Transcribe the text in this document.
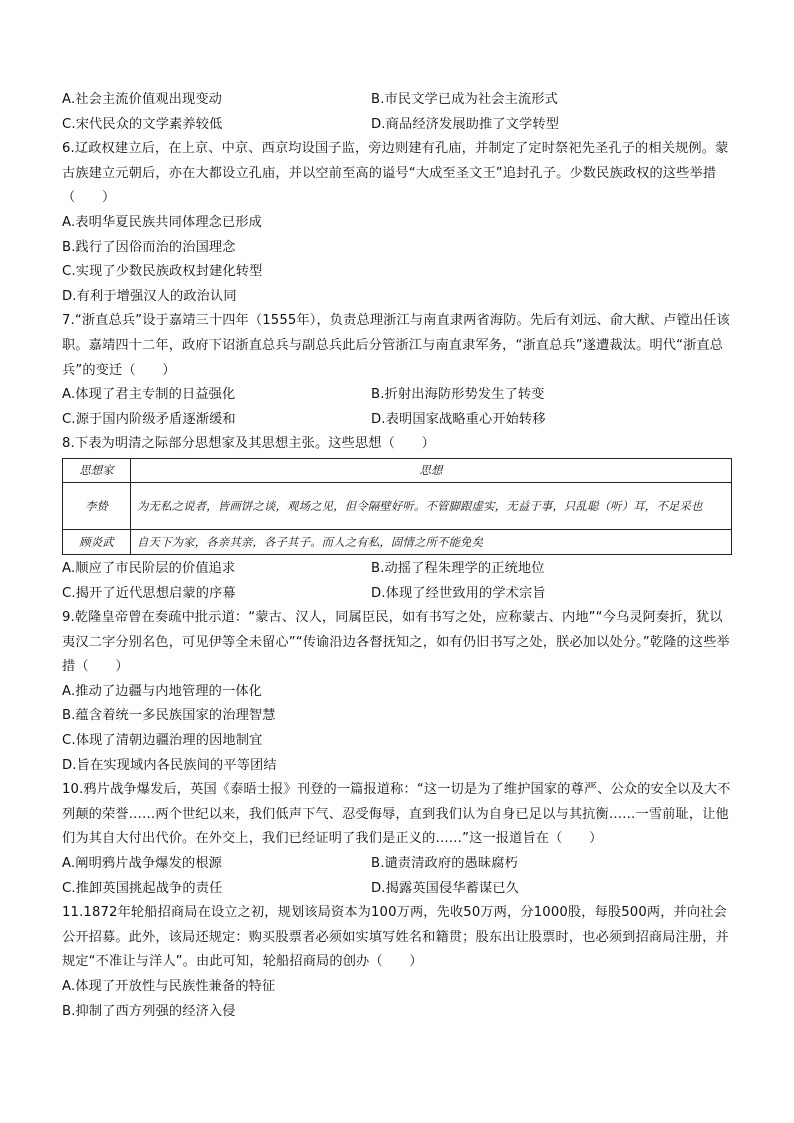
A.社会主流价值观出现变动	B.市民文学已成为社会主流形式
C.宋代民众的文学素养较低	D.商品经济发展助推了文学转型
6.辽政权建立后，在上京、中京、西京均设国子监，旁边则建有孔庙，并制定了定时祭祀先圣孔子的相关规例。蒙古族建立元朝后，亦在大都设立孔庙，并以空前至高的谥号“大成至圣文王”追封孔子。少数民族政权的这些举措（　　）
A.表明华夏民族共同体理念已形成
B.践行了因俗而治的治国理念
C.实现了少数民族政权封建化转型
D.有利于增强汉人的政治认同
7.“浙直总兵”设于嘉靖三十四年（1555年），负责总理浙江与南直隶两省海防。先后有刘远、俞大猷、卢镗出任该职。嘉靖四十二年，政府下诏浙直总兵与副总兵此后分管浙江与南直隶军务，“浙直总兵”遂遭裁汰。明代“浙直总兵”的变迁（　　）
A.体现了君主专制的日益强化	B.折射出海防形势发生了转变
C.源于国内阶级矛盾逐渐缓和	D.表明国家战略重心开始转移
8.下表为明清之际部分思想家及其思想主张。这些思想（　　）
思想家	思想
李贽	为无私之说者，皆画饼之谈，观场之见，但令隔壁好听。不管脚跟虚实，无益于事，只乱聪（听）耳，不足采也
顾炎武	自天下为家，各亲其亲，各子其子。而人之有私，固情之所不能免矣
A.顺应了市民阶层的价值追求	B.动摇了程朱理学的正统地位
C.揭开了近代思想启蒙的序幕	D.体现了经世致用的学术宗旨
9.乾隆皇帝曾在奏疏中批示道：“蒙古、汉人，同属臣民，如有书写之处，应称蒙古、内地”“今乌灵阿奏折，犹以夷汉二字分别名色，可见伊等全未留心”“传谕沿边各督抚知之，如有仍旧书写之处，朕必加以处分。”乾隆的这些举措（　　）
A.推动了边疆与内地管理的一体化
B.蕴含着统一多民族国家的治理智慧
C.体现了清朝边疆治理的因地制宜
D.旨在实现域内各民族间的平等团结
10.鸦片战争爆发后，英国《泰晤士报》刊登的一篇报道称：“这一切是为了维护国家的尊严、公众的安全以及大不列颠的荣誉……两个世纪以来，我们低声下气、忍受侮辱，直到我们认为自身已足以与其抗衡……一雪前耻，让他们为其自大付出代价。在外交上，我们已经证明了我们是正义的……”这一报道旨在（　　）
A.阐明鸦片战争爆发的根源	B.谴责清政府的愚昧腐朽
C.推卸英国挑起战争的责任	D.揭露英国侵华蓄谋已久
11.1872年轮船招商局在设立之初，规划该局资本为100万两，先收50万两，分1000股，每股500两，并向社会公开招募。此外，该局还规定：购买股票者必须如实填写姓名和籍贯；股东出让股票时，也必须到招商局注册，并规定“不准让与洋人”。由此可知，轮船招商局的创办（　　）
A.体现了开放性与民族性兼备的特征
B.抑制了西方列强的经济入侵
